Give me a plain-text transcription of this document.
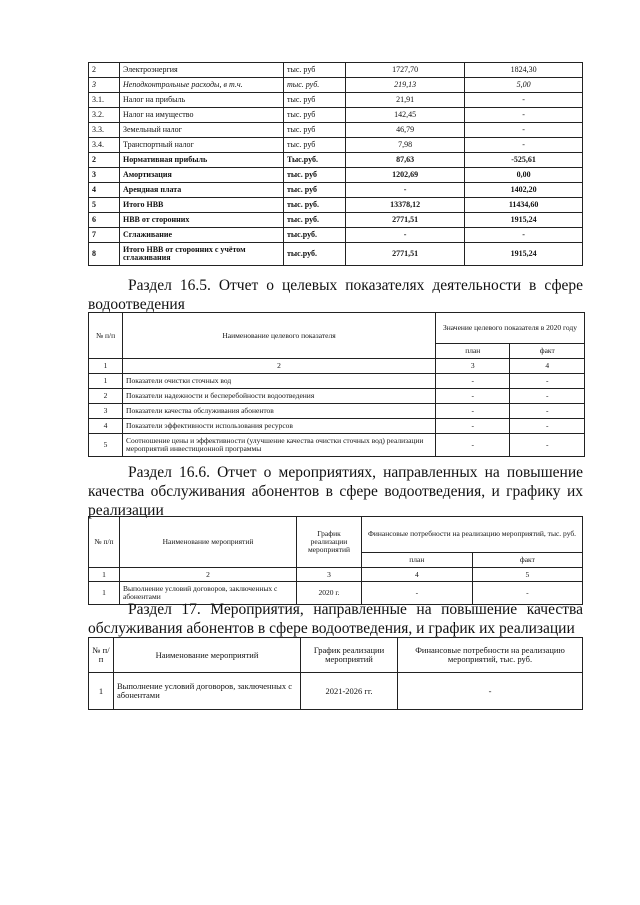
2	Электроэнергия	тыс. руб	1727,70	1824,30
3	Неподконтрольные расходы, в т.ч.	тыс. руб.	219,13	5,00
3.1.	Налог на прибыль	тыс. руб	21,91	-
3.2.	Налог на имущество	тыс. руб	142,45	-
3.3.	Земельный налог	тыс. руб	46,79	-
3.4.	Транспортный налог	тыс. руб	7,98	-
2	Нормативная прибыль	Тыс.руб.	87,63	-525,61
3	Амортизация	тыс. руб	1202,69	0,00
4	Арендная плата	тыс. руб	-	1402,20
5	Итого НВВ	тыс. руб.	13378,12	11434,60
6	НВВ от сторонних	тыс. руб.	2771,51	1915,24
7	Сглаживание	тыс.руб.	-	-
8	Итого НВВ от сторонних с учётом сглаживания	тыс.руб.	2771,51	1915,24
Раздел 16.5. Отчет о целевых показателях деятельности в сфере
водоотведения
№ п/п	Наименование целевого показателя	Значение целевого показателя в 2020 году	
		план	факт
1	2	3	4
1	Показатели очистки сточных вод	-	-
2	Показатели надежности и бесперебойности водоотведения	-	-
3	Показатели качества обслуживания абонентов	-	-
4	Показатели эффективности использования ресурсов	-	-
5	Соотношение цены и эффективности (улучшение качества очистки сточных вод) реализации мероприятий инвестиционной программы	-	-
Раздел 16.6. Отчет о мероприятиях, направленных на повышение
качества обслуживания абонентов в сфере водоотведения, и графику их
реализации
№ п/п	Наименование мероприятий	График реализации мероприятий	Финансовые потребности на реализацию мероприятий, тыс. руб.	
			план	факт
1	2	3	4	5
1	Выполнение условий договоров, заключенных с абонентами	2020 г.	-	-
Раздел 17. Мероприятия, направленные на повышение качества
обслуживания абонентов в сфере водоотведения, и график их реализации
№ п/п	Наименование мероприятий	График реализации мероприятий	Финансовые потребности на реализацию мероприятий, тыс. руб.
1	Выполнение условий договоров, заключенных с абонентами	2021-2026 гг.	-
